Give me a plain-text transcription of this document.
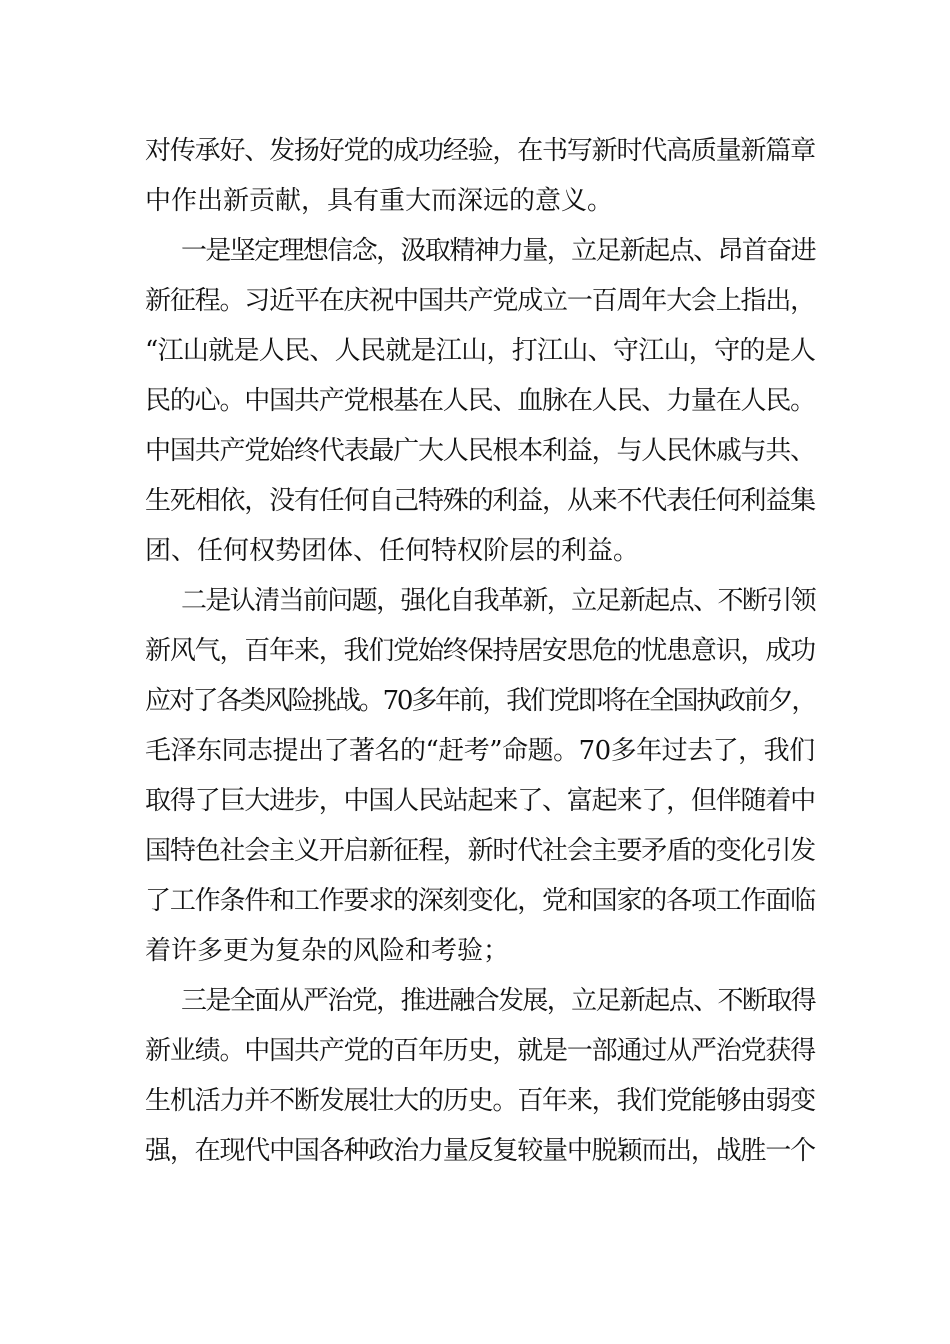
对传承好、发扬好党的成功经验，在书写新时代高质量新篇章
中作出新贡献，具有重大而深远的意义。
一是坚定理想信念，汲取精神力量，立足新起点、昂首奋进
新征程。习近平在庆祝中国共产党成立一百周年大会上指出，
“江山就是人民、人民就是江山，打江山、守江山，守的是人
民的心。中国共产党根基在人民、血脉在人民、力量在人民。
中国共产党始终代表最广大人民根本利益，与人民休戚与共、
生死相依，没有任何自己特殊的利益，从来不代表任何利益集
团、任何权势团体、任何特权阶层的利益。
二是认清当前问题，强化自我革新，立足新起点、不断引领
新风气，百年来，我们党始终保持居安思危的忧患意识，成功
应对了各类风险挑战。70多年前，我们党即将在全国执政前夕，
毛泽东同志提出了著名的“赶考”命题。70多年过去了，我们
取得了巨大进步，中国人民站起来了、富起来了，但伴随着中
国特色社会主义开启新征程，新时代社会主要矛盾的变化引发
了工作条件和工作要求的深刻变化，党和国家的各项工作面临
着许多更为复杂的风险和考验；
三是全面从严治党，推进融合发展，立足新起点、不断取得
新业绩。中国共产党的百年历史，就是一部通过从严治党获得
生机活力并不断发展壮大的历史。百年来，我们党能够由弱变
强，在现代中国各种政治力量反复较量中脱颖而出，战胜一个
